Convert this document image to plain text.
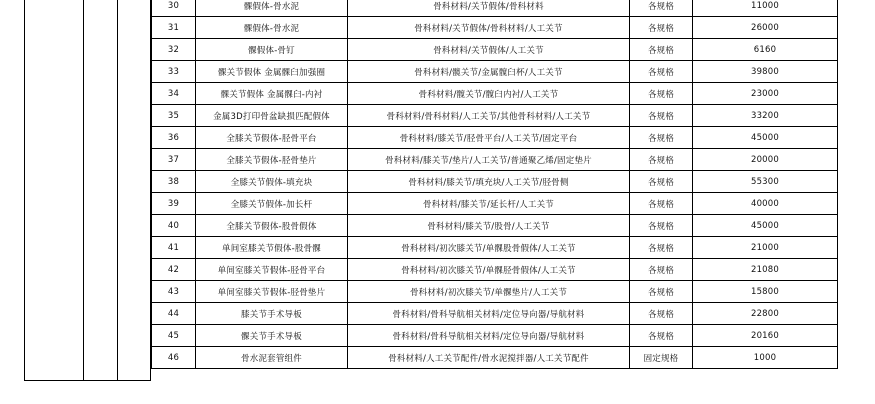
30	髁假体-骨水泥	骨科材料/关节假体/骨科材料	各规格	11000
31	髁假体-骨水泥	骨科材料/关节假体/骨科材料/人工关节	各规格	26000
32	髁假体-骨钉	骨科材料/关节假体/人工关节	各规格	6160
33	髁关节假体 金属髁臼加强圈	骨科材料/髋关节/金属髋臼杯/人工关节	各规格	39800
34	髁关节假体 金属髁臼-内衬	骨科材料/髋关节/髋臼内衬/人工关节	各规格	23000
35	金属3D打印骨盆缺损匹配假体	骨科材料/骨科材料/人工关节/其他骨科材料/人工关节	各规格	33200
36	全膝关节假体-胫骨平台	骨科材料/膝关节/胫骨平台/人工关节/固定平台	各规格	45000
37	全膝关节假体-胫骨垫片	骨科材料/膝关节/垫片/人工关节/普通聚乙烯/固定垫片	各规格	20000
38	全膝关节假体-填充块	骨科材料/膝关节/填充块/人工关节/胫骨侧	各规格	55300
39	全膝关节假体-加长杆	骨科材料/膝关节/延长杆/人工关节	各规格	40000
40	全膝关节假体-股骨假体	骨科材料/膝关节/股骨/人工关节	各规格	45000
41	单间室膝关节假体-股骨髁	骨科材料/初次膝关节/单髁股骨假体/人工关节	各规格	21000
42	单间室膝关节假体-胫骨平台	骨科材料/初次膝关节/单髁胫骨假体/人工关节	各规格	21080
43	单间室膝关节假体-胫骨垫片	骨科材料/初次膝关节/单髁垫片/人工关节	各规格	15800
44	膝关节手术导板	骨科材料/骨科导航相关材料/定位导向器/导航材料	各规格	22800
45	髁关节手术导板	骨科材料/骨科导航相关材料/定位导向器/导航材料	各规格	20160
46	骨水泥套管组件	骨科材料/人工关节配件/骨水泥搅拌器/人工关节配件	固定规格	1000
